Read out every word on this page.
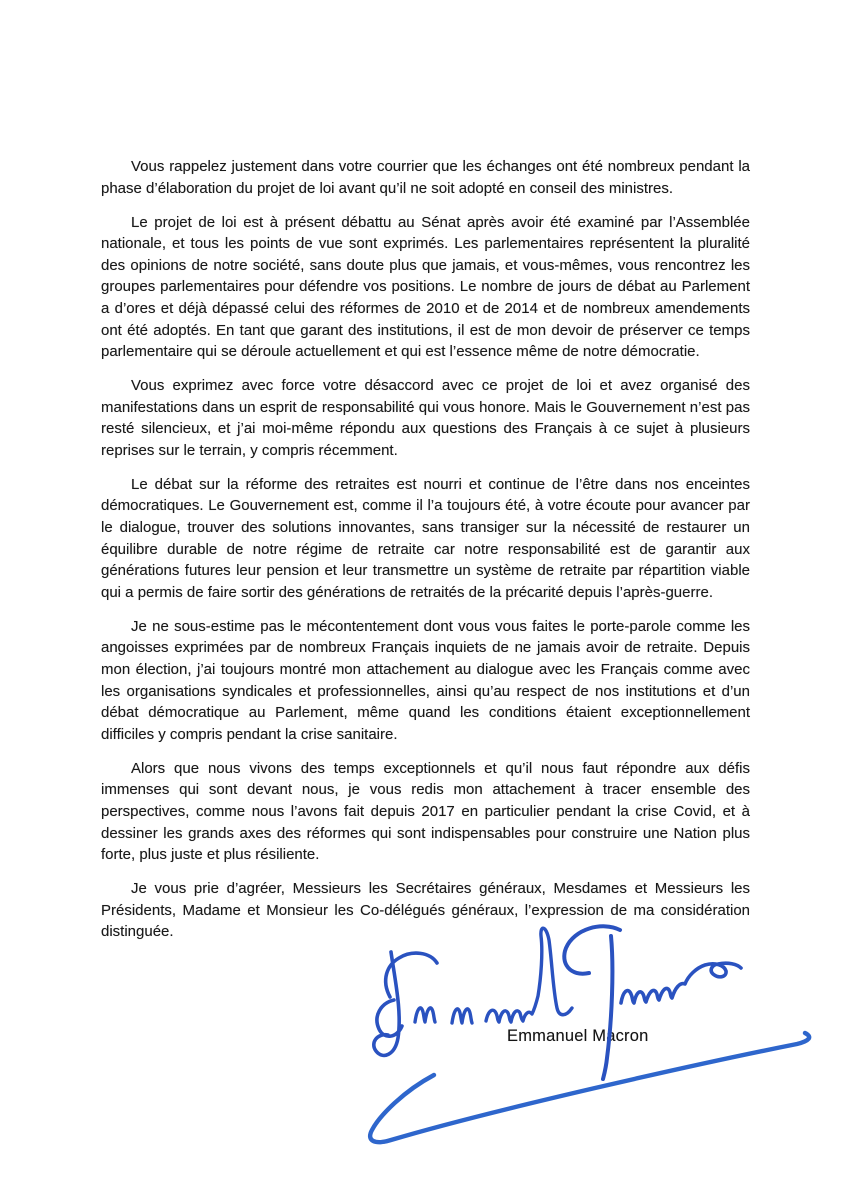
Vous rappelez justement dans votre courrier que les échanges ont été nombreux pendant la phase d’élaboration du projet de loi avant qu’il ne soit adopté en conseil des ministres.

Le projet de loi est à présent débattu au Sénat après avoir été examiné par l’Assemblée nationale, et tous les points de vue sont exprimés. Les parlementaires représentent la pluralité des opinions de notre société, sans doute plus que jamais, et vous-mêmes, vous rencontrez les groupes parlementaires pour défendre vos positions. Le nombre de jours de débat au Parlement a d’ores et déjà dépassé celui des réformes de 2010 et de 2014 et de nombreux amendements ont été adoptés. En tant que garant des institutions, il est de mon devoir de préserver ce temps parlementaire qui se déroule actuellement et qui est l’essence même de notre démocratie.

Vous exprimez avec force votre désaccord avec ce projet de loi et avez organisé des manifestations dans un esprit de responsabilité qui vous honore. Mais le Gouvernement n’est pas resté silencieux, et j’ai moi-même répondu aux questions des Français à ce sujet à plusieurs reprises sur le terrain, y compris récemment.

Le débat sur la réforme des retraites est nourri et continue de l’être dans nos enceintes démocratiques. Le Gouvernement est, comme il l’a toujours été, à votre écoute pour avancer par le dialogue, trouver des solutions innovantes, sans transiger sur la nécessité de restaurer un équilibre durable de notre régime de retraite car notre responsabilité est de garantir aux générations futures leur pension et leur transmettre un système de retraite par répartition viable qui a permis de faire sortir des générations de retraités de la précarité depuis l’après-guerre.

Je ne sous-estime pas le mécontentement dont vous vous faites le porte-parole comme les angoisses exprimées par de nombreux Français inquiets de ne jamais avoir de retraite. Depuis mon élection, j’ai toujours montré mon attachement au dialogue avec les Français comme avec les organisations syndicales et professionnelles, ainsi qu’au respect de nos institutions et d’un débat démocratique au Parlement, même quand les conditions étaient exceptionnellement difficiles y compris pendant la crise sanitaire.

Alors que nous vivons des temps exceptionnels et qu’il nous faut répondre aux défis immenses qui sont devant nous, je vous redis mon attachement à tracer ensemble des perspectives, comme nous l’avons fait depuis 2017 en particulier pendant la crise Covid, et à dessiner les grands axes des réformes qui sont indispensables pour construire une Nation plus forte, plus juste et plus résiliente.

Je vous prie d’agréer, Messieurs les Secrétaires généraux, Mesdames et Messieurs les Présidents, Madame et Monsieur les Co-délégués généraux, l’expression de ma considération distinguée.

Emmanuel Macron
